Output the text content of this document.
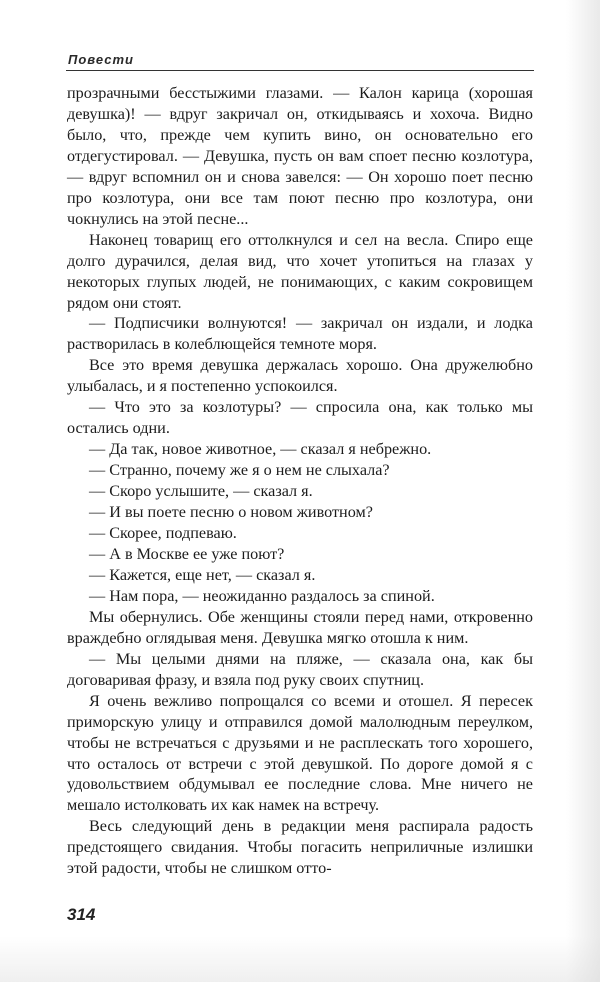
Повести

прозрачными бесстыжими глазами. — Калон карица (хорошая девушка)! — вдруг закричал он, откидываясь и хохоча. Видно было, что, прежде чем купить вино, он основательно его отдегустировал. — Девушка, пусть он вам споет песню козлотура, — вдруг вспомнил он и снова завелся: — Он хорошо поет песню про козлотура, они все там поют песню про козлотура, они чокнулись на этой песне...

Наконец товарищ его оттолкнулся и сел на весла. Спиро еще долго дурачился, делая вид, что хочет утопиться на глазах у некоторых глупых людей, не понимающих, с каким сокровищем рядом они стоят.

— Подписчики волнуются! — закричал он издали, и лодка растворилась в колеблющейся темноте моря.

Все это время девушка держалась хорошо. Она дружелюбно улыбалась, и я постепенно успокоился.

— Что это за козлотуры? — спросила она, как только мы остались одни.

— Да так, новое животное, — сказал я небрежно.

— Странно, почему же я о нем не слыхала?

— Скоро услышите, — сказал я.

— И вы поете песню о новом животном?

— Скорее, подпеваю.

— А в Москве ее уже поют?

— Кажется, еще нет, — сказал я.

— Нам пора, — неожиданно раздалось за спиной.

Мы обернулись. Обе женщины стояли перед нами, откровенно враждебно оглядывая меня. Девушка мягко отошла к ним.

— Мы целыми днями на пляже, — сказала она, как бы договаривая фразу, и взяла под руку своих спутниц.

Я очень вежливо попрощался со всеми и отошел. Я пересек приморскую улицу и отправился домой малолюдным переулком, чтобы не встречаться с друзьями и не расплескать того хорошего, что осталось от встречи с этой девушкой. По дороге домой я с удовольствием обдумывал ее последние слова. Мне ничего не мешало истолковать их как намек на встречу.

Весь следующий день в редакции меня распирала радость предстоящего свидания. Чтобы погасить неприличные излишки этой радости, чтобы не слишком отто-

314
